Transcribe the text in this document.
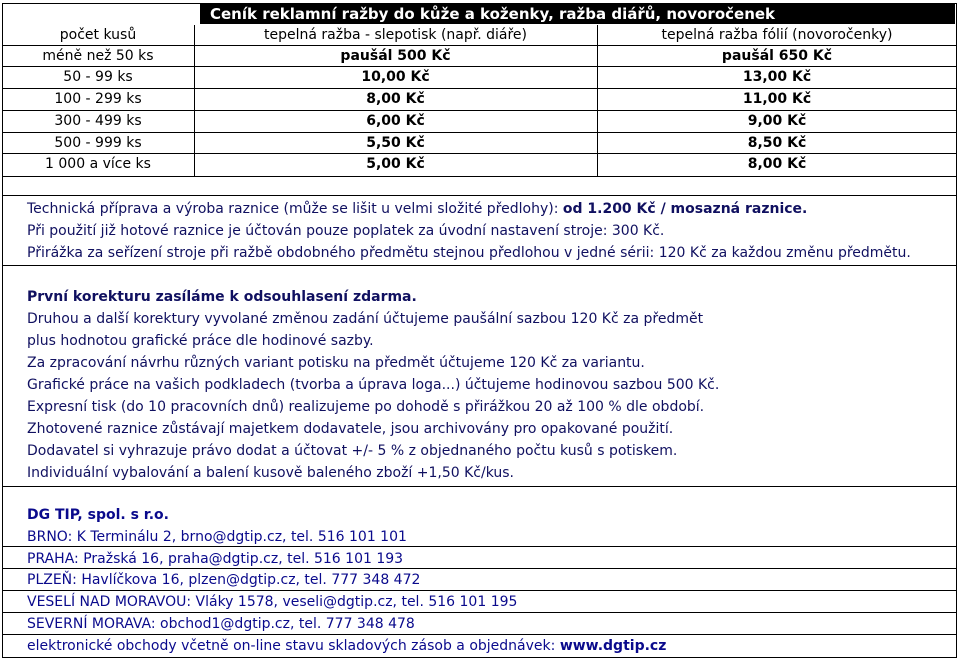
Ceník reklamní ražby do kůže a koženky, ražba diářů, novoročenek
počet kusů	tepelná ražba - slepotisk (např. diáře)	tepelná ražba fólií (novoročenky)
méně než 50 ks	paušál 500 Kč	paušál 650 Kč
50 - 99 ks	10,00 Kč	13,00 Kč
100 - 299 ks	8,00 Kč	11,00 Kč
300 - 499 ks	6,00 Kč	9,00 Kč
500 - 999 ks	5,50 Kč	8,50 Kč
1 000 a více ks	5,00 Kč	8,00 Kč
Technická příprava a výroba raznice (může se lišit u velmi složité předlohy): od 1.200 Kč / mosazná raznice.
Při použití již hotové raznice je účtován pouze poplatek za úvodní nastavení stroje: 300 Kč.
Přirážka za seřízení stroje při ražbě obdobného předmětu stejnou předlohou v jedné sérii: 120 Kč za každou změnu předmětu.
První korekturu zasíláme k odsouhlasení zdarma.
Druhou a další korektury vyvolané změnou zadání účtujeme paušální sazbou 120 Kč za předmět
plus hodnotou grafické práce dle hodinové sazby.
Za zpracování návrhu různých variant potisku na předmět účtujeme 120 Kč za variantu.
Grafické práce na vašich podkladech (tvorba a úprava loga...) účtujeme hodinovou sazbou 500 Kč.
Expresní tisk (do 10 pracovních dnů) realizujeme po dohodě s přirážkou 20 až 100 % dle období.
Zhotovené raznice zůstávají majetkem dodavatele, jsou archivovány pro opakované použití.
Dodavatel si vyhrazuje právo dodat a účtovat +/- 5 % z objednaného počtu kusů s potiskem.
Individuální vybalování a balení kusově baleného zboží +1,50 Kč/kus.
DG TIP, spol. s r.o.
BRNO: K Terminálu 2, brno@dgtip.cz, tel. 516 101 101
PRAHA: Pražská 16, praha@dgtip.cz, tel. 516 101 193
PLZEŇ: Havlíčkova 16, plzen@dgtip.cz, tel. 777 348 472
VESELÍ NAD MORAVOU: Vláky 1578, veseli@dgtip.cz, tel. 516 101 195
SEVERNÍ MORAVA: obchod1@dgtip.cz, tel. 777 348 478
elektronické obchody včetně on-line stavu skladových zásob a objednávek: www.dgtip.cz
